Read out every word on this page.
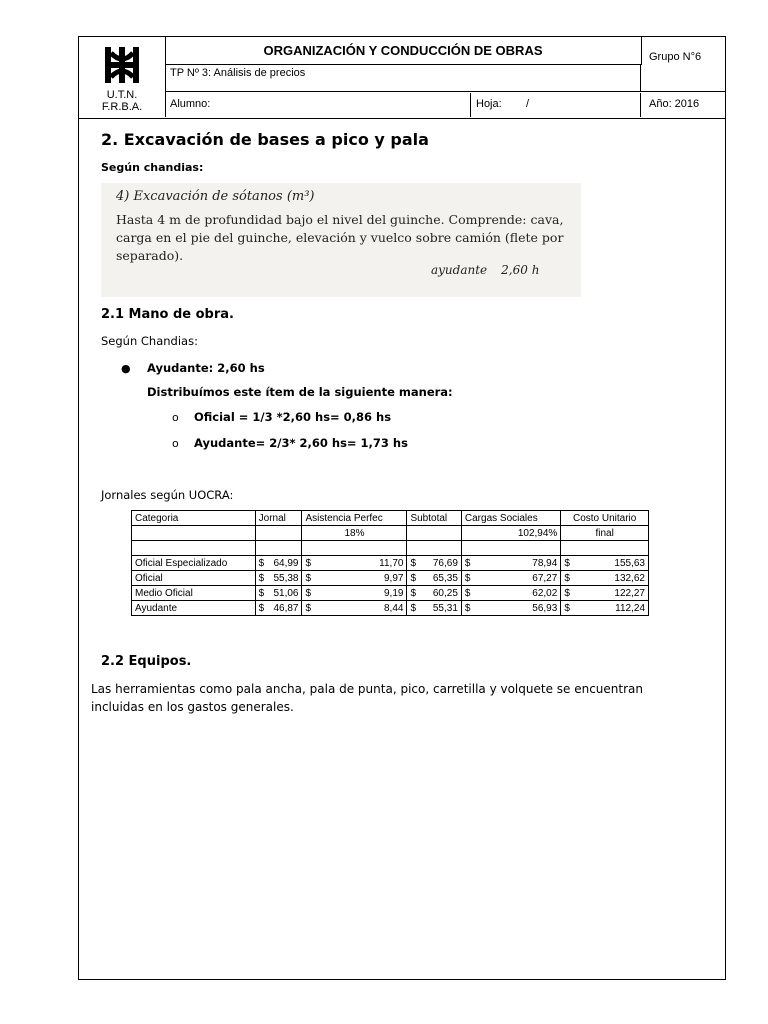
U.T.N.
F.R.B.A.
ORGANIZACIÓN Y CONDUCCIÓN DE OBRAS
TP Nº 3: Análisis de precios
Grupo N°6
Alumno:	Hoja: /	Año: 2016
2. Excavación de bases a pico y pala
Según chandias:
4) Excavación de sótanos (m³)
Hasta 4 m de profundidad bajo el nivel del guinche. Comprende: cava, carga en el pie del guinche, elevación y vuelco sobre camión (flete por separado).
ayudante 2,60 h
2.1 Mano de obra.
Según Chandias:
● Ayudante: 2,60 hs
Distribuímos este ítem de la siguiente manera:
o Oficial = 1/3 *2,60 hs= 0,86 hs
o Ayudante= 2/3* 2,60 hs= 1,73 hs
Jornales según UOCRA:
Categoria	Jornal	Asistencia Perfec	Subtotal	Cargas Sociales	Costo Unitario
		18%		102,94%	final

Oficial Especializado	$ 64,99	$ 11,70	$ 76,69	$ 78,94	$ 155,63

Oficial	$ 55,38	$ 9,97	$ 65,35	$ 67,27	$ 132,62

Medio Oficial	$ 51,06	$ 9,19	$ 60,25	$ 62,02	$ 122,27

Ayudante	$ 46,87	$ 8,44	$ 55,31	$ 56,93	$ 112,24
2.2 Equipos.
Las herramientas como pala ancha, pala de punta, pico, carretilla y volquete se encuentran incluidas en los gastos generales.
